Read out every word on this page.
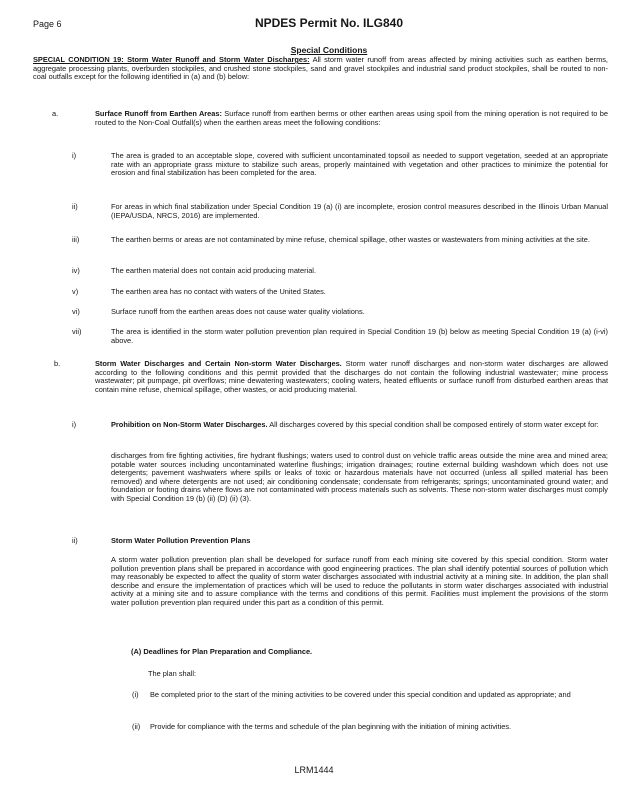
Page 6	NPDES Permit No. ILG840
Special Conditions
SPECIAL CONDITION 19: Storm Water Runoff and Storm Water Discharges: All storm water runoff from areas affected by mining activities such as earthen berms, aggregate processing plants, overburden stockpiles, and crushed stone stockpiles, sand and gravel stockpiles and industrial sand product stockpiles, shall be routed to non-coal outfalls except for the following identified in (a) and (b) below:
a.	Surface Runoff from Earthen Areas: Surface runoff from earthen berms or other earthen areas using spoil from the mining operation is not required to be routed to the Non-Coal Outfall(s) when the earthen areas meet the following conditions:
i)	The area is graded to an acceptable slope, covered with sufficient uncontaminated topsoil as needed to support vegetation, seeded at an appropriate rate with an appropriate grass mixture to stabilize such areas, properly maintained with vegetation and other practices to minimize the potential for erosion and final stabilization has been completed for the area.
ii)	For areas in which final stabilization under Special Condition 19 (a) (i) are incomplete, erosion control measures described in the Illinois Urban Manual (IEPA/USDA, NRCS, 2016) are implemented.
iii)	The earthen berms or areas are not contaminated by mine refuse, chemical spillage, other wastes or wastewaters from mining activities at the site.
iv)	The earthen material does not contain acid producing material.
v)	The earthen area has no contact with waters of the United States.
vi)	Surface runoff from the earthen areas does not cause water quality violations.
vii)	The area is identified in the storm water pollution prevention plan required in Special Condition 19 (b) below as meeting Special Condition 19 (a) (i-vi) above.
b.	Storm Water Discharges and Certain Non-storm Water Discharges. Storm water runoff discharges and non-storm water discharges are allowed according to the following conditions and this permit provided that the discharges do not contain the following industrial wastewater; mine process wastewater; pit pumpage, pit overflows; mine dewatering wastewaters; cooling waters, heated effluents or surface runoff from disturbed earthen areas that contain mine refuse, chemical spillage, other wastes, or acid producing material.
i)	Prohibition on Non-Storm Water Discharges. All discharges covered by this special condition shall be composed entirely of storm water except for:
discharges from fire fighting activities, fire hydrant flushings; waters used to control dust on vehicle traffic areas outside the mine area and mined area; potable water sources including uncontaminated waterline flushings; irrigation drainages; routine external building washdown which does not use detergents; pavement washwaters where spills or leaks of toxic or hazardous materials have not occurred (unless all spilled material has been removed) and where detergents are not used; air conditioning condensate; condensate from refrigerants; springs; uncontaminated ground water; and foundation or footing drains where flows are not contaminated with process materials such as solvents. These non-storm water discharges must comply with Special Condition 19 (b) (ii) (D) (ii) (3).
ii)	Storm Water Pollution Prevention Plans
A storm water pollution prevention plan shall be developed for surface runoff from each mining site covered by this special condition. Storm water pollution prevention plans shall be prepared in accordance with good engineering practices. The plan shall identify potential sources of pollution which may reasonably be expected to affect the quality of storm water discharges associated with industrial activity at a mining site. In addition, the plan shall describe and ensure the implementation of practices which will be used to reduce the pollutants in storm water discharges associated with industrial activity at a mining site and to assure compliance with the terms and conditions of this permit. Facilities must implement the provisions of the storm water pollution prevention plan required under this part as a condition of this permit.
(A) Deadlines for Plan Preparation and Compliance.
The plan shall:
(i) Be completed prior to the start of the mining activities to be covered under this special condition and updated as appropriate; and
(ii) Provide for compliance with the terms and schedule of the plan beginning with the initiation of mining activities.
LRM1444
